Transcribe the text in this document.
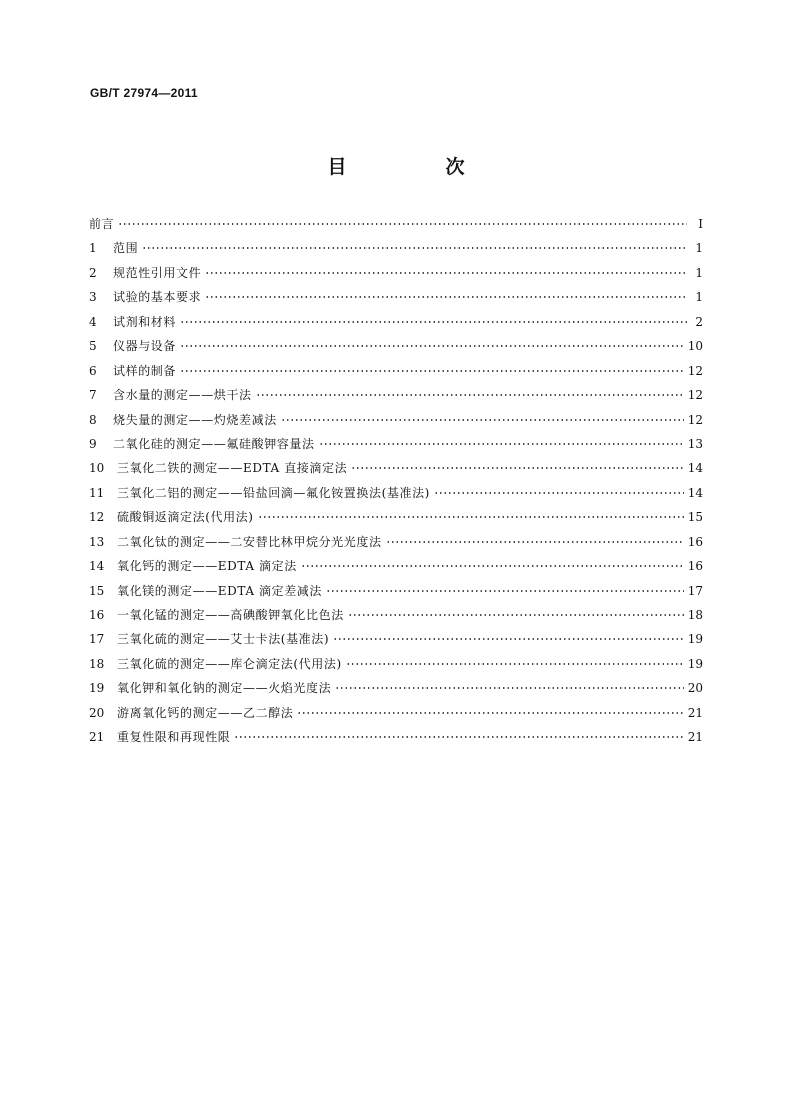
GB/T 27974—2011
目　次
前言	Ⅰ
1	范围	1
2	规范性引用文件	1
3	试验的基本要求	1
4	试剂和材料	2
5	仪器与设备	10
6	试样的制备	12
7	含水量的测定——烘干法	12
8	烧失量的测定——灼烧差减法	12
9	二氧化硅的测定——氟硅酸钾容量法	13
10	三氧化二铁的测定——EDTA 直接滴定法	14
11	三氧化二铝的测定——铅盐回滴—氟化铵置换法(基准法)	14
12	硫酸铜返滴定法(代用法)	15
13	二氧化钛的测定——二安替比林甲烷分光光度法	16
14	氧化钙的测定——EDTA 滴定法	16
15	氧化镁的测定——EDTA 滴定差减法	17
16	一氧化锰的测定——高碘酸钾氧化比色法	18
17	三氧化硫的测定——艾士卡法(基准法)	19
18	三氧化硫的测定——库仑滴定法(代用法)	19
19	氧化钾和氧化钠的测定——火焰光度法	20
20	游离氧化钙的测定——乙二醇法	21
21	重复性限和再现性限	21
